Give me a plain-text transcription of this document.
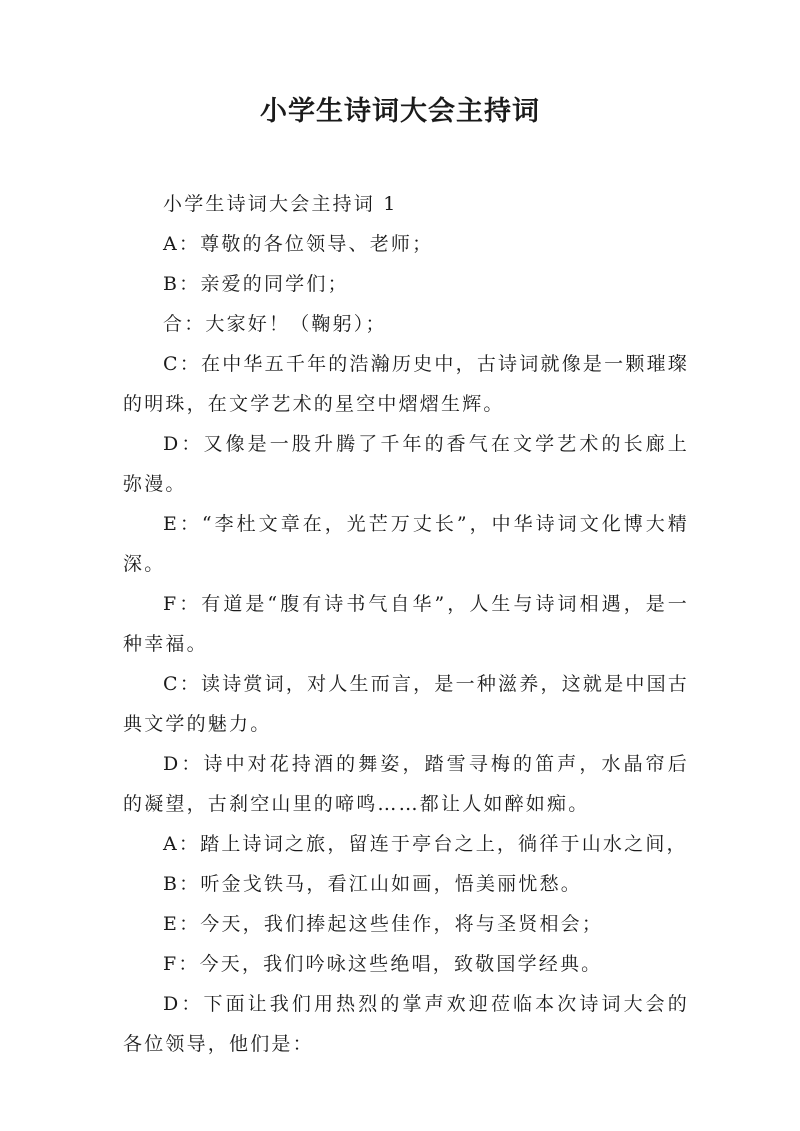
小学生诗词大会主持词

小学生诗词大会主持词 1

A：尊敬的各位领导、老师；

B：亲爱的同学们；

合：大家好！（鞠躬）；

C：在中华五千年的浩瀚历史中，古诗词就像是一颗璀璨的明珠，在文学艺术的星空中熠熠生辉。

D：又像是一股升腾了千年的香气在文学艺术的长廊上弥漫。

E：“李杜文章在，光芒万丈长”，中华诗词文化博大精深。

F：有道是“腹有诗书气自华”，人生与诗词相遇，是一种幸福。

C：读诗赏词，对人生而言，是一种滋养，这就是中国古典文学的魅力。

D：诗中对花持酒的舞姿，踏雪寻梅的笛声，水晶帘后的凝望，古刹空山里的啼鸣……都让人如醉如痴。

A：踏上诗词之旅，留连于亭台之上，徜徉于山水之间，

B：听金戈铁马，看江山如画，悟美丽忧愁。

E：今天，我们捧起这些佳作，将与圣贤相会；

F：今天，我们吟咏这些绝唱，致敬国学经典。

D：下面让我们用热烈的掌声欢迎莅临本次诗词大会的各位领导，他们是：
